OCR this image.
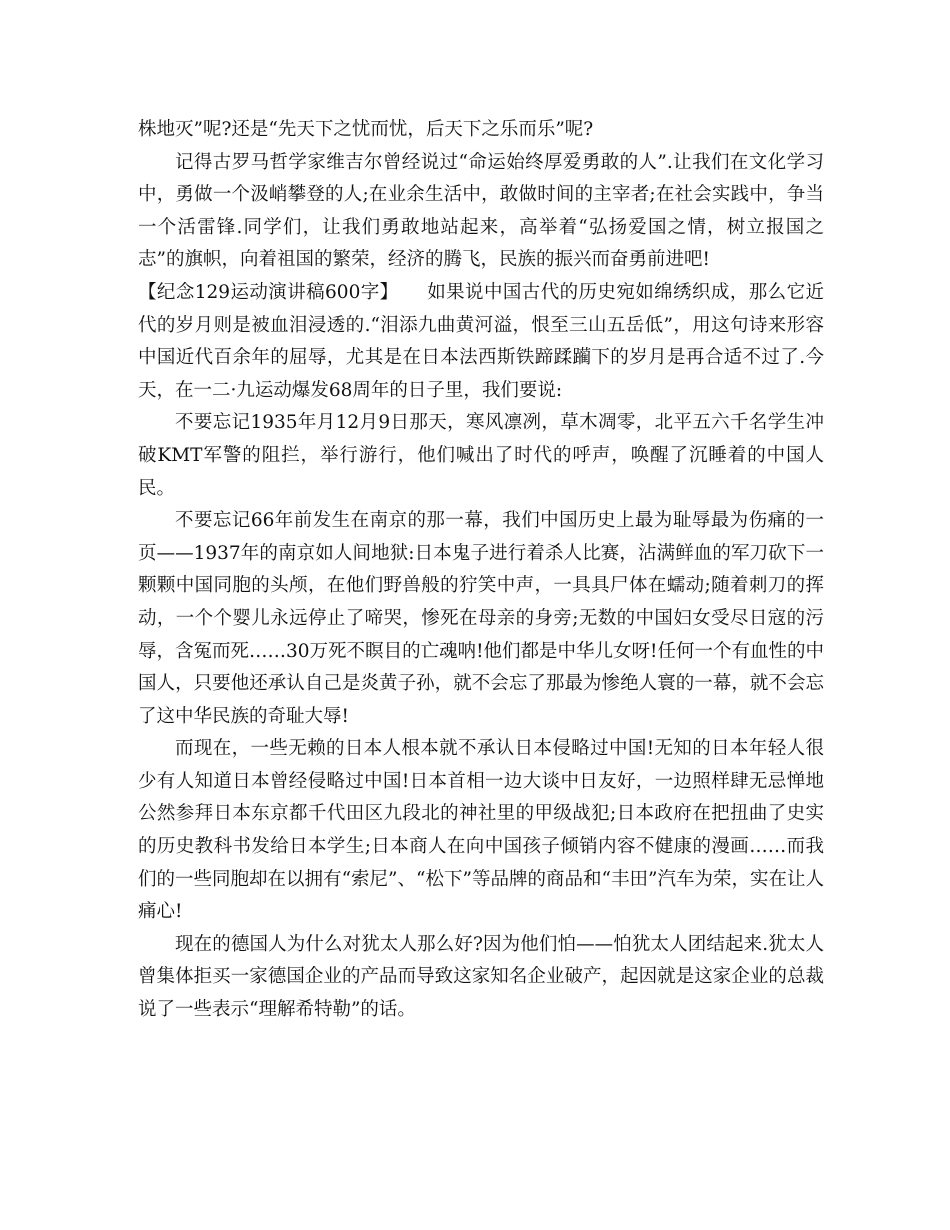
株地灭”呢?还是“先天下之忧而忧，后天下之乐而乐”呢?

记得古罗马哲学家维吉尔曾经说过“命运始终厚爱勇敢的人”.让我们在文化学习中，勇做一个汲峭攀登的人;在业余生活中，敢做时间的主宰者;在社会实践中，争当一个活雷锋.同学们，让我们勇敢地站起来，高举着“弘扬爱国之情，树立报国之志”的旗帜，向着祖国的繁荣，经济的腾飞，民族的振兴而奋勇前进吧!

【纪念129运动演讲稿600字】　　 如果说中国古代的历史宛如绵绣织成，那么它近代的岁月则是被血泪浸透的.“泪添九曲黄河溢，恨至三山五岳低”，用这句诗来形容中国近代百余年的屈辱，尤其是在日本法西斯铁蹄蹂躏下的岁月是再合适不过了.今天，在一二·九运动爆发68周年的日子里，我们要说:

不要忘记1935年月12月9日那天，寒风凛冽，草木凋零，北平五六千名学生冲破KMT军警的阻拦，举行游行，他们喊出了时代的呼声，唤醒了沉睡着的中国人民。

不要忘记66年前发生在南京的那一幕，我们中国历史上最为耻辱最为伤痛的一页——1937年的南京如人间地狱:日本鬼子进行着杀人比赛，沾满鲜血的军刀砍下一颗颗中国同胞的头颅，在他们野兽般的狞笑中声，一具具尸体在蠕动;随着刺刀的挥动，一个个婴儿永远停止了啼哭，惨死在母亲的身旁;无数的中国妇女受尽日寇的污辱，含冤而死……30万死不瞑目的亡魂呐!他们都是中华儿女呀!任何一个有血性的中国人，只要他还承认自己是炎黄子孙，就不会忘了那最为惨绝人寰的一幕，就不会忘了这中华民族的奇耻大辱!

而现在，一些无赖的日本人根本就不承认日本侵略过中国!无知的日本年轻人很少有人知道日本曾经侵略过中国!日本首相一边大谈中日友好，一边照样肆无忌惮地公然参拜日本东京都千代田区九段北的神社里的甲级战犯;日本政府在把扭曲了史实的历史教科书发给日本学生;日本商人在向中国孩子倾销内容不健康的漫画……而我们的一些同胞却在以拥有“索尼”、“松下”等品牌的商品和“丰田”汽车为荣，实在让人痛心!

现在的德国人为什么对犹太人那么好?因为他们怕——怕犹太人团结起来.犹太人曾集体拒买一家德国企业的产品而导致这家知名企业破产，起因就是这家企业的总裁说了一些表示“理解希特勒”的话。
